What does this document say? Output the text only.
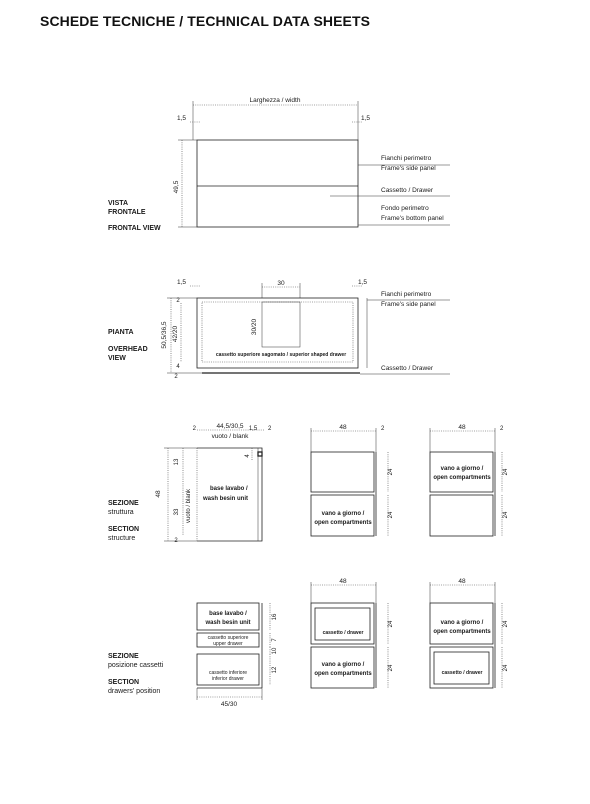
SCHEDE TECNICHE / TECHNICAL DATA SHEETS
VISTA
FRONTALE
FRONTAL VIEW
PIANTA
OVERHEAD
VIEW
SEZIONE
struttura
SECTION
structure
SEZIONE
posizione cassetti
SECTION
drawers' position
Larghezza / width
1,5	1,5
49,5
Fianchi perimetro
Frame's side panel
Cassetto / Drawer
Fondo perimetro
Frame's bottom panel
1,5	1,5
30
30/20
cassetto superiore sagomato / superior shaped drawer
50,5/36,5 42/20
2
4
2
Fianchi perimetro
Frame's side panel
Cassetto / Drawer
2	44,5/30,5
vuoto / blank
1,5 2
base lavabo /
wash besin unit
48
13
4
33 vuoto / blank
2
48	2
vano a giorno /
open compartments
24
24
48	2
vano a giorno /
open compartments
24
24
base lavabo /
wash besin unit
cassetto superiore
upper drawer
cassetto inferiore
inferior drawer
45/30
16
7
10
12
48
cassetto / drawer
vano a giorno /
open compartments
24
24
48
vano a giorno /
open compartments
cassetto / drawer
24
24
